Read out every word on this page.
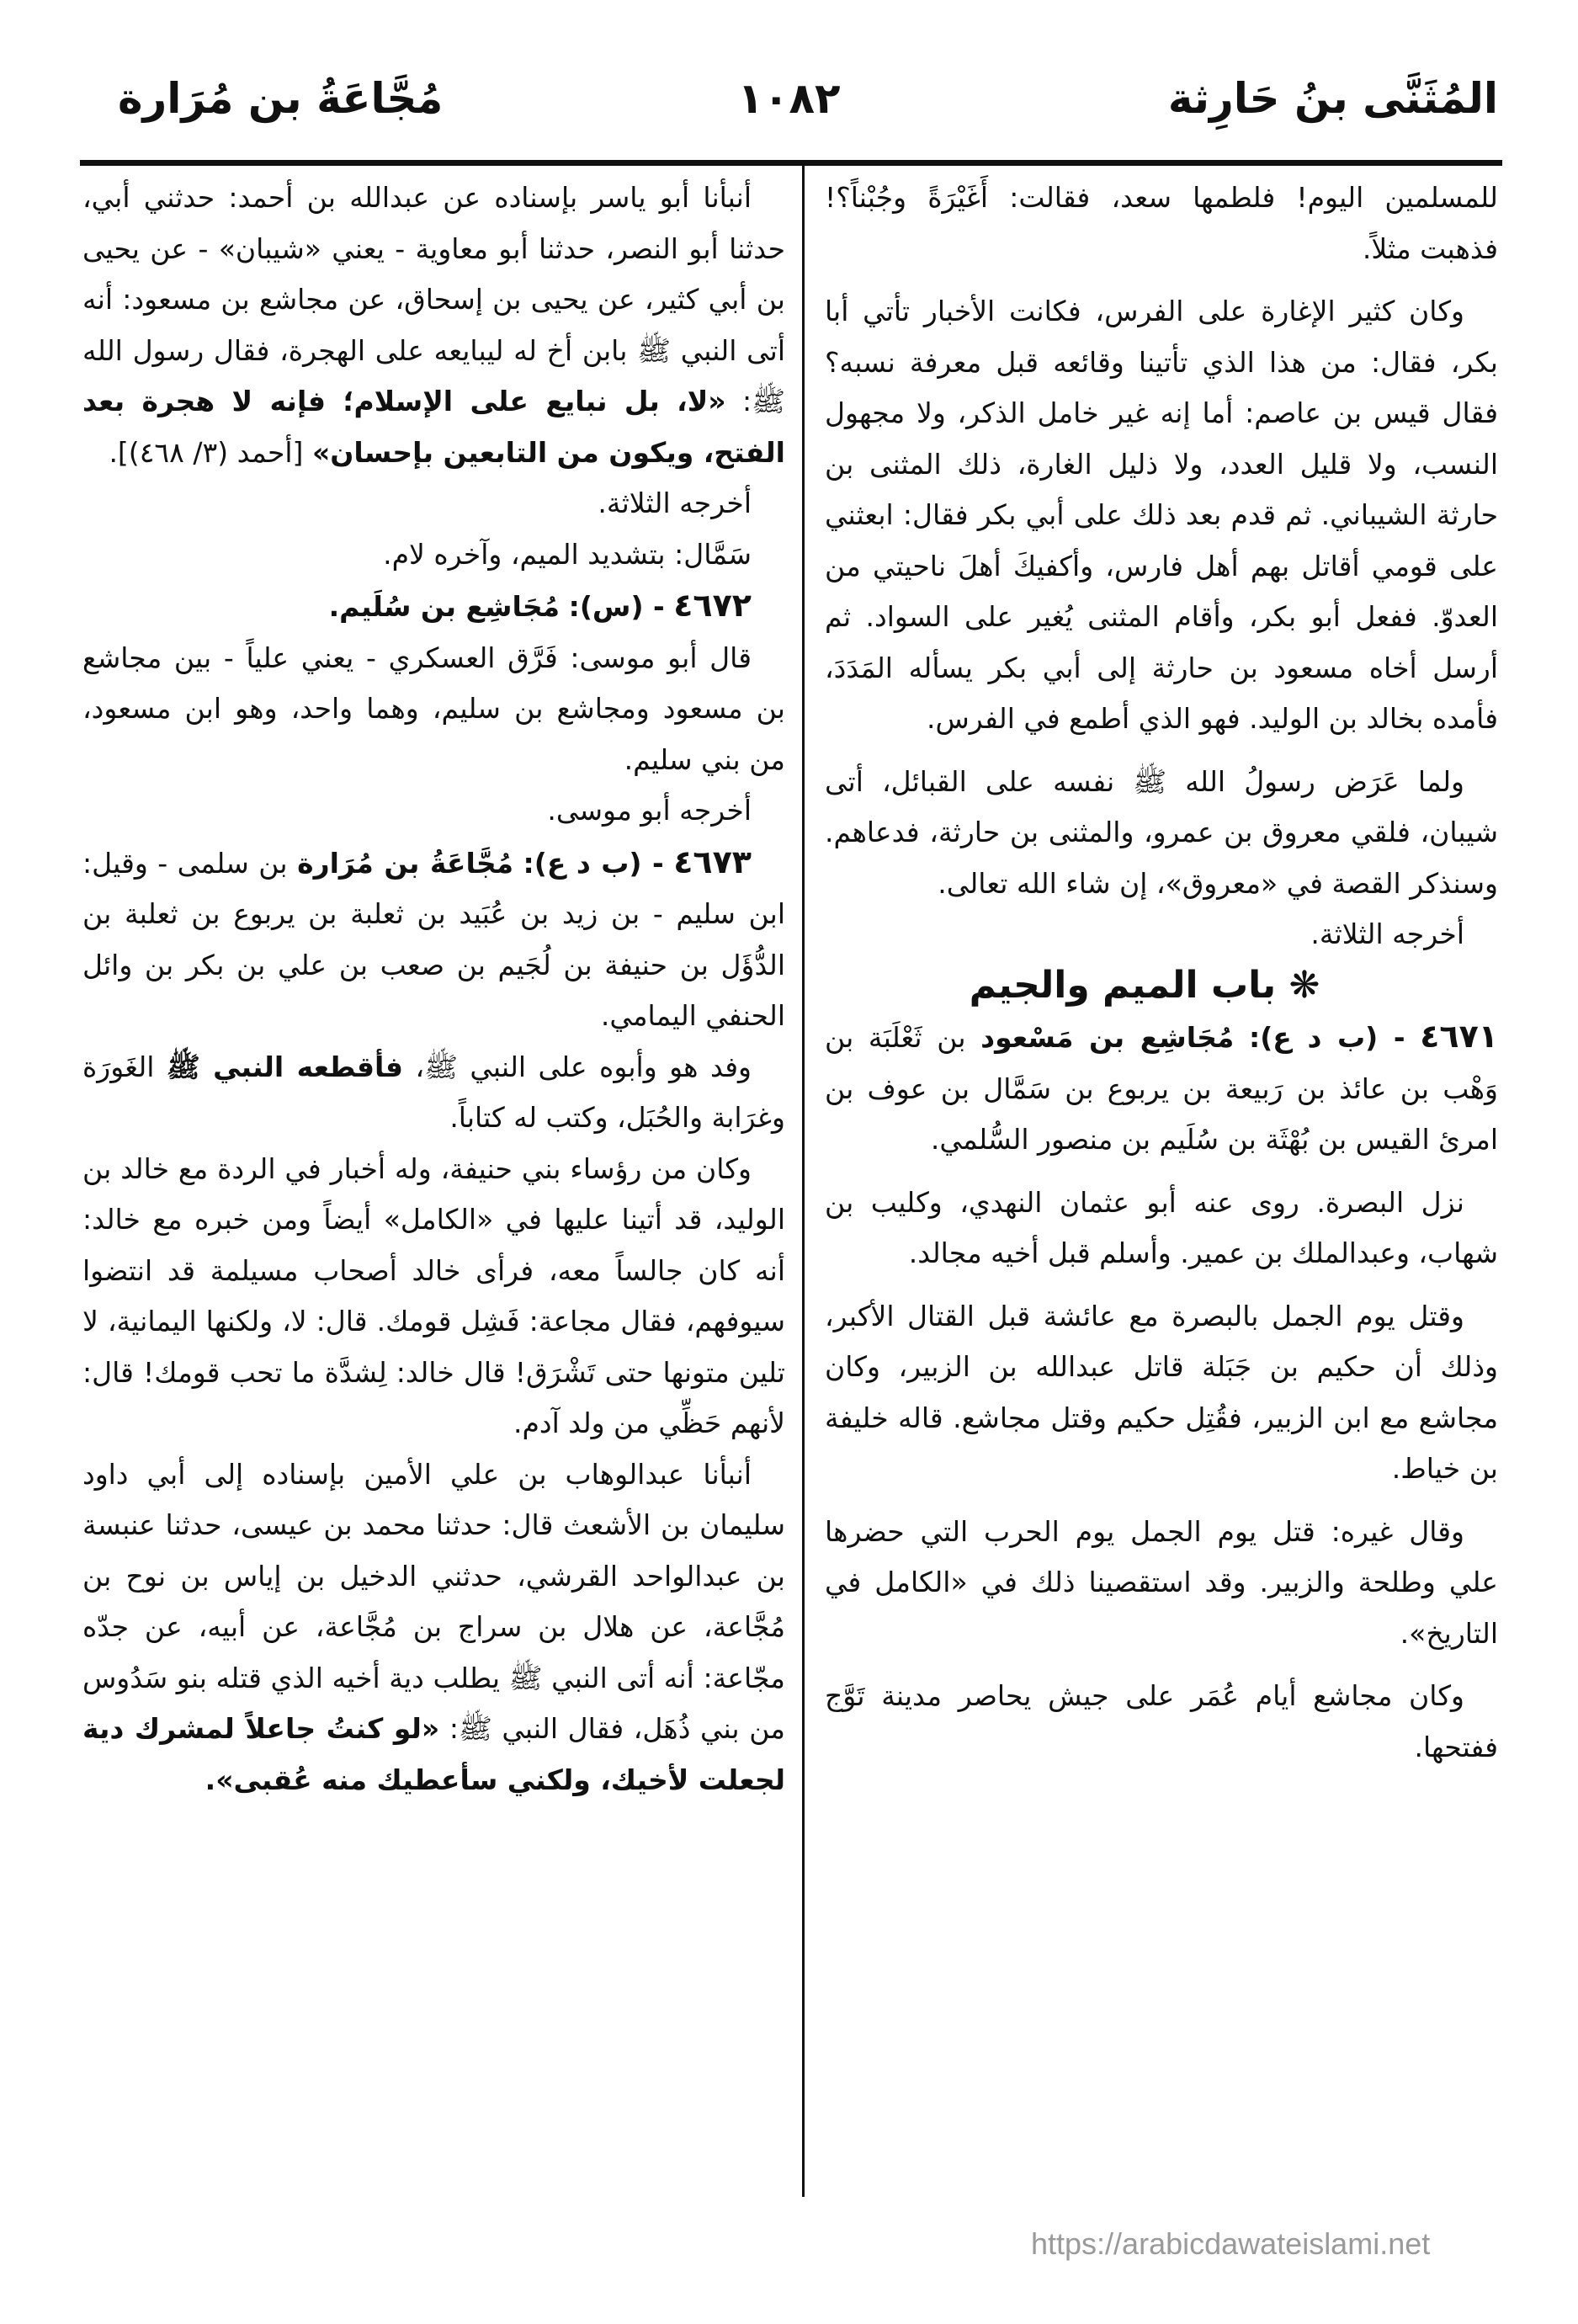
المُثَنَّى بنُ حَارِثة
١٠٨٢
مُجَّاعَةُ بن مُرَارة

للمسلمين اليوم! فلطمها سعد، فقالت: أَغَيْرَةً وجُبْناً؟! فذهبت مثلاً.

وكان كثير الإغارة على الفرس، فكانت الأخبار تأتي أبا بكر، فقال: من هذا الذي تأتينا وقائعه قبل معرفة نسبه؟ فقال قيس بن عاصم: أما إنه غير خامل الذكر، ولا مجهول النسب، ولا قليل العدد، ولا ذليل الغارة، ذلك المثنى بن حارثة الشيباني. ثم قدم بعد ذلك على أبي بكر فقال: ابعثني على قومي أقاتل بهم أهل فارس، وأكفيكَ أهلَ ناحيتي من العدوّ. ففعل أبو بكر، وأقام المثنى يُغير على السواد. ثم أرسل أخاه مسعود بن حارثة إلى أبي بكر يسأله المَدَدَ، فأمده بخالد بن الوليد. فهو الذي أطمع في الفرس.

ولما عَرَض رسولُ الله ﷺ نفسه على القبائل، أتى شيبان، فلقي معروق بن عمرو، والمثنى بن حارثة، فدعاهم. وسنذكر القصة في «معروق»، إن شاء الله تعالى.

أخرجه الثلاثة.

❋ باب الميم والجيم

٤٦٧١ - (ب د ع): مُجَاشِع بن مَسْعود بن ثَعْلَبَة بن وَهْب بن عائذ بن رَبيعة بن يربوع بن سَمَّال بن عوف بن امرئ القيس بن بُهْثَة بن سُلَيم بن منصور السُّلمي.

نزل البصرة. روى عنه أبو عثمان النهدي، وكليب بن شهاب، وعبدالملك بن عمير. وأسلم قبل أخيه مجالد.

وقتل يوم الجمل بالبصرة مع عائشة قبل القتال الأكبر، وذلك أن حكيم بن جَبَلة قاتل عبدالله بن الزبير، وكان مجاشع مع ابن الزبير، فقُتِل حكيم وقتل مجاشع. قاله خليفة بن خياط.

وقال غيره: قتل يوم الجمل يوم الحرب التي حضرها علي وطلحة والزبير. وقد استقصينا ذلك في «الكامل في التاريخ».

وكان مجاشع أيام عُمَر على جيش يحاصر مدينة تَوَّج ففتحها.

أنبأنا أبو ياسر بإسناده عن عبدالله بن أحمد: حدثني أبي، حدثنا أبو النصر، حدثنا أبو معاوية - يعني «شيبان» - عن يحيى بن أبي كثير، عن يحيى بن إسحاق، عن مجاشع بن مسعود: أنه أتى النبي ﷺ بابن أخ له ليبايعه على الهجرة، فقال رسول الله ﷺ: «لا، بل نبايع على الإسلام؛ فإنه لا هجرة بعد الفتح، ويكون من التابعين بإحسان» [أحمد (٣/ ٤٦٨)].

أخرجه الثلاثة.

سَمَّال: بتشديد الميم، وآخره لام.

٤٦٧٢ - (س): مُجَاشِع بن سُلَيم.

قال أبو موسى: فَرَّق العسكري - يعني علياً - بين مجاشع بن مسعود ومجاشع بن سليم، وهما واحد، وهو ابن مسعود، من بني سليم.

أخرجه أبو موسى.

٤٦٧٣ - (ب د ع): مُجَّاعَةُ بن مُرَارة بن سلمى - وقيل: ابن سليم - بن زيد بن عُبَيد بن ثعلبة بن يربوع بن ثعلبة بن الدُّؤَل بن حنيفة بن لُجَيم بن صعب بن علي بن بكر بن وائل الحنفي اليمامي.

وفد هو وأبوه على النبي ﷺ، فأقطعه النبي ﷺ الغَورَة وغرَابة والحُبَل، وكتب له كتاباً.

وكان من رؤساء بني حنيفة، وله أخبار في الردة مع خالد بن الوليد، قد أتينا عليها في «الكامل» أيضاً ومن خبره مع خالد: أنه كان جالساً معه، فرأى خالد أصحاب مسيلمة قد انتضوا سيوفهم، فقال مجاعة: فَشِل قومك. قال: لا، ولكنها اليمانية، لا تلين متونها حتى تَشْرَق! قال خالد: لِشدَّة ما تحب قومك! قال: لأنهم حَظِّي من ولد آدم.

أنبأنا عبدالوهاب بن علي الأمين بإسناده إلى أبي داود سليمان بن الأشعث قال: حدثنا محمد بن عيسى، حدثنا عنبسة بن عبدالواحد القرشي، حدثني الدخيل بن إياس بن نوح بن مُجَّاعة، عن هلال بن سراج بن مُجَّاعة، عن أبيه، عن جدّه مجّاعة: أنه أتى النبي ﷺ يطلب دية أخيه الذي قتله بنو سَدُوس من بني ذُهَل، فقال النبي ﷺ: «لو كنتُ جاعلاً لمشرك دية لجعلت لأخيك، ولكني سأعطيك منه عُقبى».

https://arabicdawateislami.net
